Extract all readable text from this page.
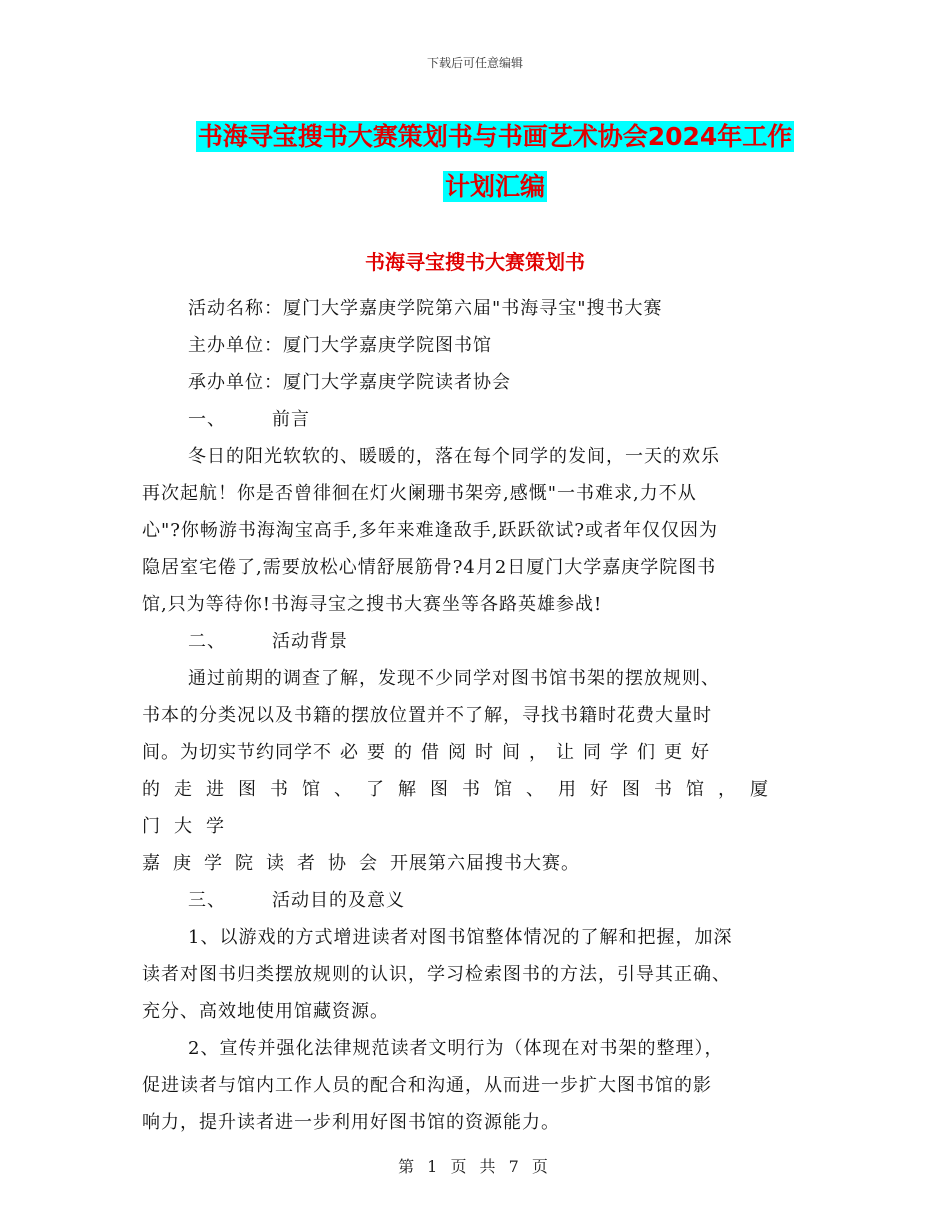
下载后可任意编辑
书海寻宝搜书大赛策划书与书画艺术协会2024年工作
计划汇编
书海寻宝搜书大赛策划书

活动名称：厦门大学嘉庚学院第六届"书海寻宝"搜书大赛

主办单位：厦门大学嘉庚学院图书馆

承办单位：厦门大学嘉庚学院读者协会

一、	前言

冬日的阳光软软的、暖暖的，落在每个同学的发间，一天的欢乐

再次起航！你是否曾徘徊在灯火阑珊书架旁,感慨"一书难求,力不从

心"?你畅游书海淘宝高手,多年来难逢敌手,跃跃欲试?或者年仅仅因为

隐居室宅倦了,需要放松心情舒展筋骨?4月2日厦门大学嘉庚学院图书

馆,只为等待你!书海寻宝之搜书大赛坐等各路英雄参战!

二、	活动背景

通过前期的调查了解，发现不少同学对图书馆书架的摆放规则、

书本的分类况以及书籍的摆放位置并不了解，寻找书籍时花费大量时

间。为切实节约同学不必要的借阅时间，让同学们更好

的走进图书馆、了解图书馆、用好图书馆，厦门大学

嘉庚学院读者协会开展第六届搜书大赛。

三、	活动目的及意义

1、以游戏的方式增进读者对图书馆整体情况的了解和把握，加深

读者对图书归类摆放规则的认识，学习检索图书的方法，引导其正确、

充分、高效地使用馆藏资源。

2、宣传并强化法律规范读者文明行为（体现在对书架的整理），

促进读者与馆内工作人员的配合和沟通，从而进一步扩大图书馆的影

响力，提升读者进一步利用好图书馆的资源能力。

第 1 页 共 7 页
